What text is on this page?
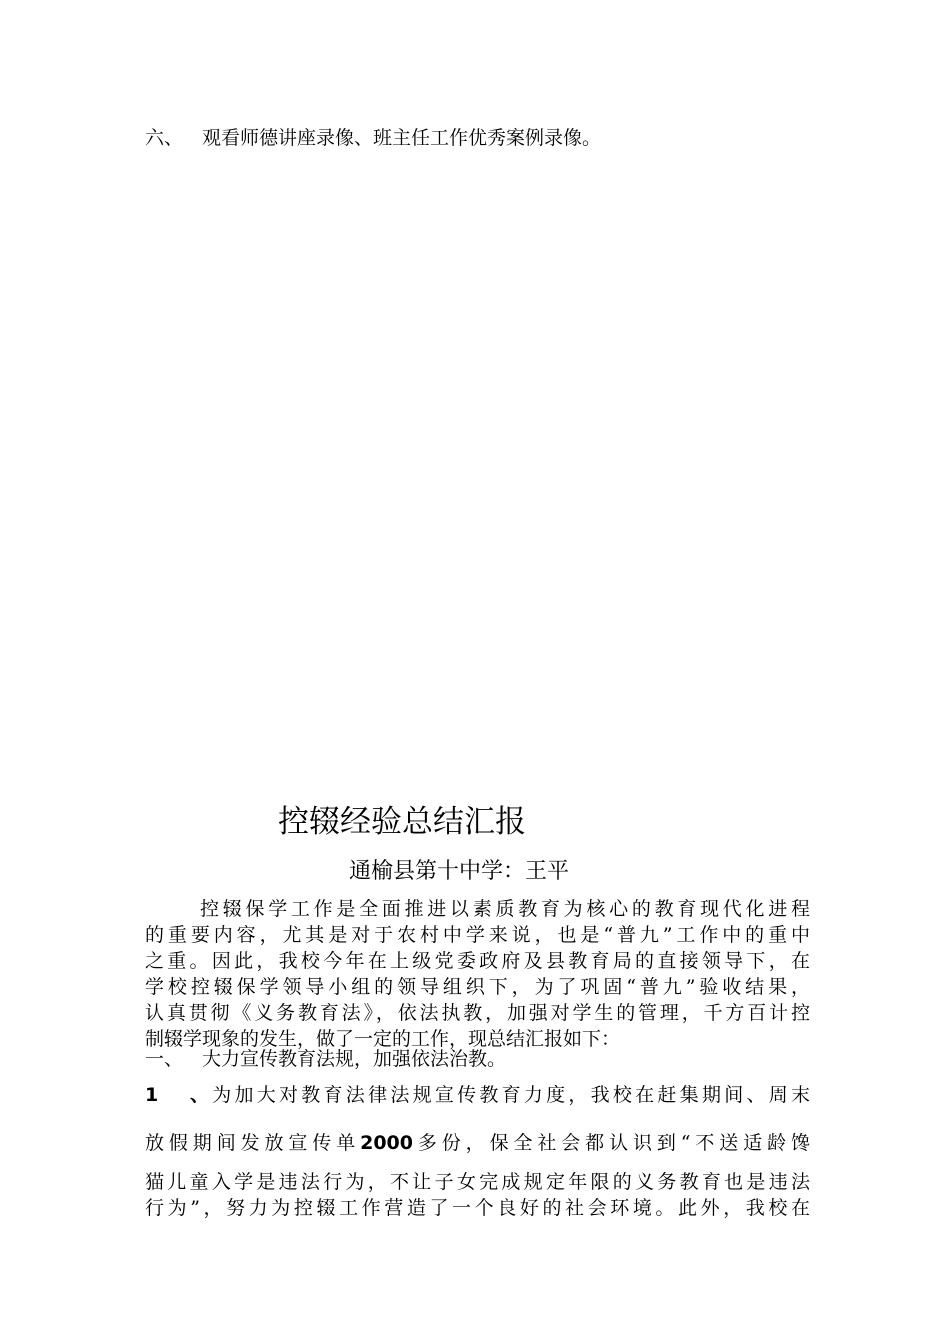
六、 观看师德讲座录像、班主任工作优秀案例录像。
控辍经验总结汇报
通榆县第十中学：王平
控辍保学工作是全面推进以素质教育为核心的教育现代化进程
的重要内容，尤其是对于农村中学来说，也是“普九”工作中的重中
之重。因此，我校今年在上级党委政府及县教育局的直接领导下，在
学校控辍保学领导小组的领导组织下，为了巩固“普九”验收结果，
认真贯彻《义务教育法》，依法执教，加强对学生的管理，千方百计控
制辍学现象的发生，做了一定的工作，现总结汇报如下：
一、 大力宣传教育法规，加强依法治教。
1、为加大对教育法律法规宣传教育力度，我校在赶集期间、周末
放假期间发放宣传单2000多份，保全社会都认识到“不送适龄馋
猫儿童入学是违法行为，不让子女完成规定年限的义务教育也是违法
行为”，努力为控辍工作营造了一个良好的社会环境。此外，我校在
